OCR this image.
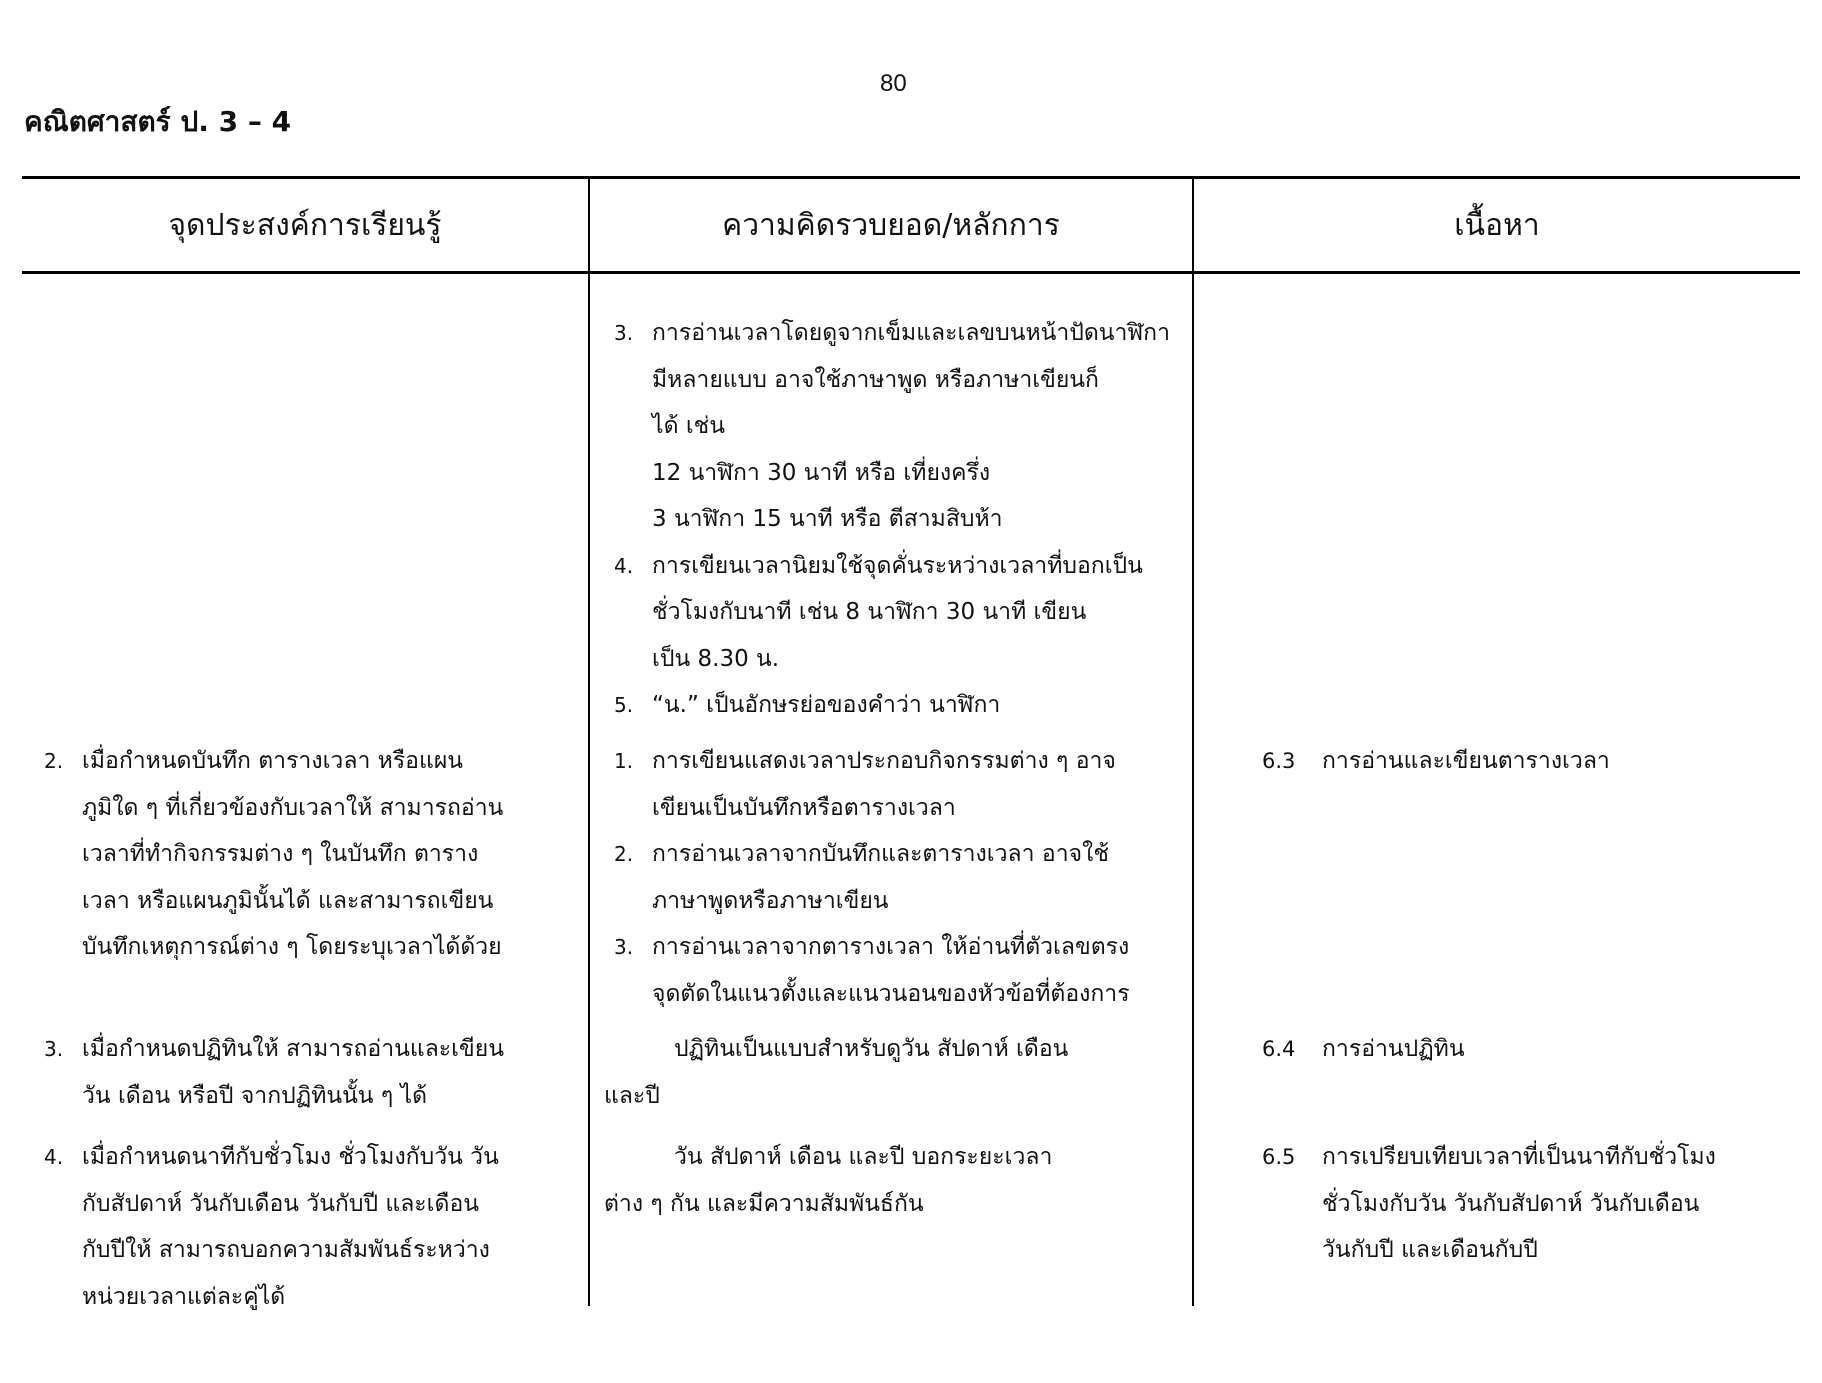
80
คณิตศาสตร์ ป. 3 – 4
จุดประสงค์การเรียนรู้	ความคิดรวบยอด/หลักการ	เนื้อหา
3. การอ่านเวลาโดยดูจากเข็มและเลขบนหน้าปัดนาฬิกา
มีหลายแบบ อาจใช้ภาษาพูด หรือภาษาเขียนก็
ได้ เช่น
12 นาฬิกา 30 นาที หรือ เที่ยงครึ่ง
3 นาฬิกา 15 นาที หรือ ตีสามสิบห้า
4. การเขียนเวลานิยมใช้จุดคั่นระหว่างเวลาที่บอกเป็น
ชั่วโมงกับนาที เช่น 8 นาฬิกา 30 นาที เขียน
เป็น 8.30 น.
5. “น.” เป็นอักษรย่อของคำว่า นาฬิกา
2. เมื่อกำหนดบันทึก ตารางเวลา หรือแผน
ภูมิใด ๆ ที่เกี่ยวข้องกับเวลาให้ สามารถอ่าน
เวลาที่ทำกิจกรรมต่าง ๆ ในบันทึก ตาราง
เวลา หรือแผนภูมินั้นได้ และสามารถเขียน
บันทึกเหตุการณ์ต่าง ๆ โดยระบุเวลาได้ด้วย
1. การเขียนแสดงเวลาประกอบกิจกรรมต่าง ๆ อาจ
เขียนเป็นบันทึกหรือตารางเวลา
2. การอ่านเวลาจากบันทึกและตารางเวลา อาจใช้
ภาษาพูดหรือภาษาเขียน
3. การอ่านเวลาจากตารางเวลา ให้อ่านที่ตัวเลขตรง
จุดตัดในแนวตั้งและแนวนอนของหัวข้อที่ต้องการ
6.3 การอ่านและเขียนตารางเวลา
3. เมื่อกำหนดปฏิทินให้ สามารถอ่านและเขียน
วัน เดือน หรือปี จากปฏิทินนั้น ๆ ได้
ปฏิทินเป็นแบบสำหรับดูวัน สัปดาห์ เดือน
และปี
6.4 การอ่านปฏิทิน
4. เมื่อกำหนดนาทีกับชั่วโมง ชั่วโมงกับวัน วัน
กับสัปดาห์ วันกับเดือน วันกับปี และเดือน
กับปีให้ สามารถบอกความสัมพันธ์ระหว่าง
หน่วยเวลาแต่ละคู่ได้
วัน สัปดาห์ เดือน และปี บอกระยะเวลา
ต่าง ๆ กัน และมีความสัมพันธ์กัน
6.5 การเปรียบเทียบเวลาที่เป็นนาทีกับชั่วโมง
ชั่วโมงกับวัน วันกับสัปดาห์ วันกับเดือน
วันกับปี และเดือนกับปี
